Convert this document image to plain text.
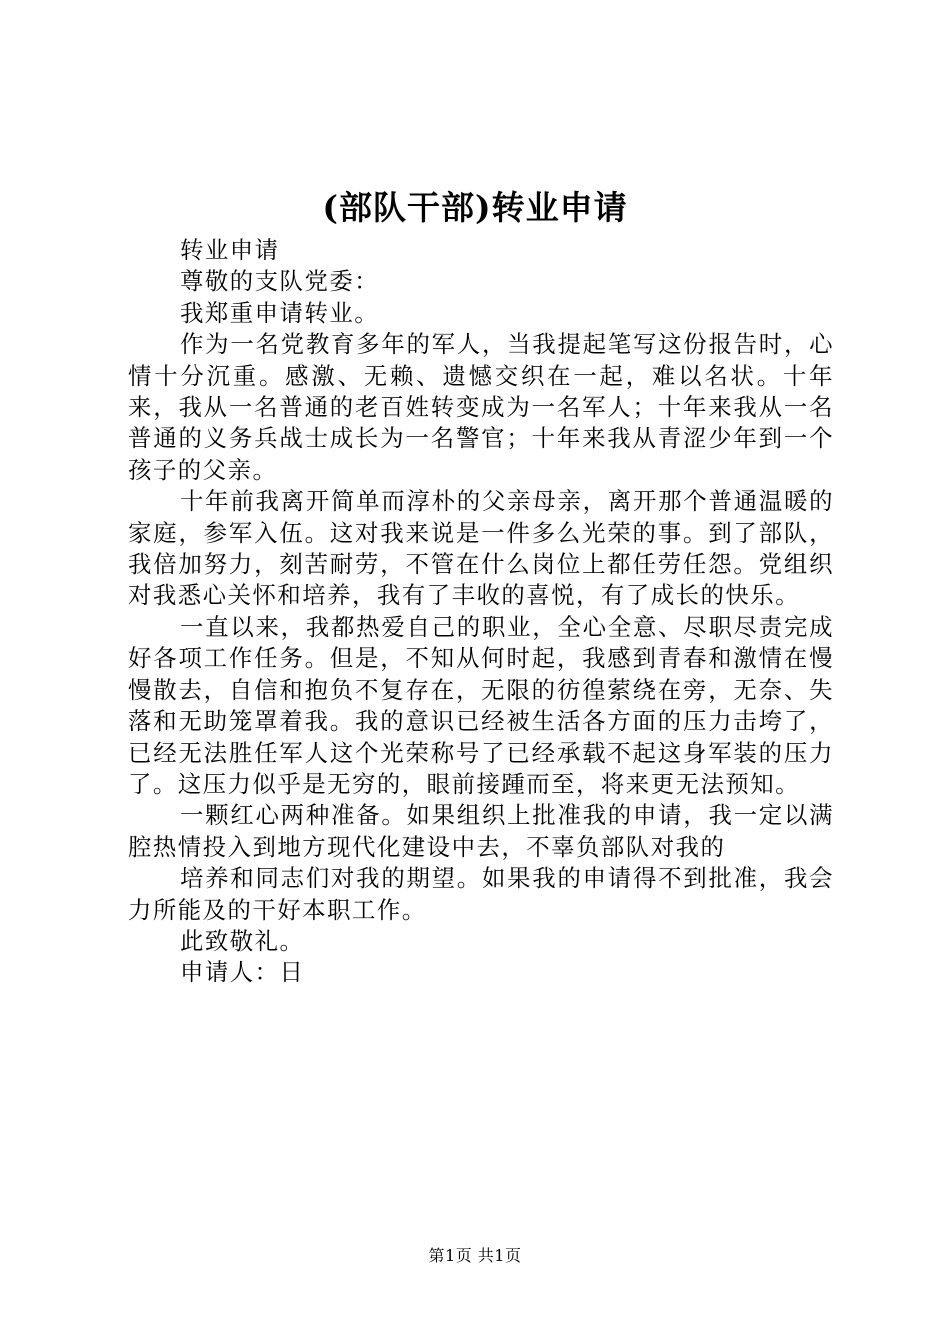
(部队干部)转业申请

转业申请

尊敬的支队党委：

我郑重申请转业。

作为一名党教育多年的军人，当我提起笔写这份报告时，心情十分沉重。感激、无赖、遗憾交织在一起，难以名状。十年来，我从一名普通的老百姓转变成为一名军人；十年来我从一名普通的义务兵战士成长为一名警官；十年来我从青涩少年到一个孩子的父亲。

十年前我离开简单而淳朴的父亲母亲，离开那个普通温暖的家庭，参军入伍。这对我来说是一件多么光荣的事。到了部队，我倍加努力，刻苦耐劳，不管在什么岗位上都任劳任怨。党组织对我悉心关怀和培养，我有了丰收的喜悦，有了成长的快乐。

一直以来，我都热爱自己的职业，全心全意、尽职尽责完成好各项工作任务。但是，不知从何时起，我感到青春和激情在慢慢散去，自信和抱负不复存在，无限的彷徨萦绕在旁，无奈、失落和无助笼罩着我。我的意识已经被生活各方面的压力击垮了，已经无法胜任军人这个光荣称号了已经承载不起这身军装的压力了。这压力似乎是无穷的，眼前接踵而至，将来更无法预知。

一颗红心两种准备。如果组织上批准我的申请，我一定以满腔热情投入到地方现代化建设中去，不辜负部队对我的

培养和同志们对我的期望。如果我的申请得不到批准，我会力所能及的干好本职工作。

此致敬礼。

申请人：日

第1页 共1页
